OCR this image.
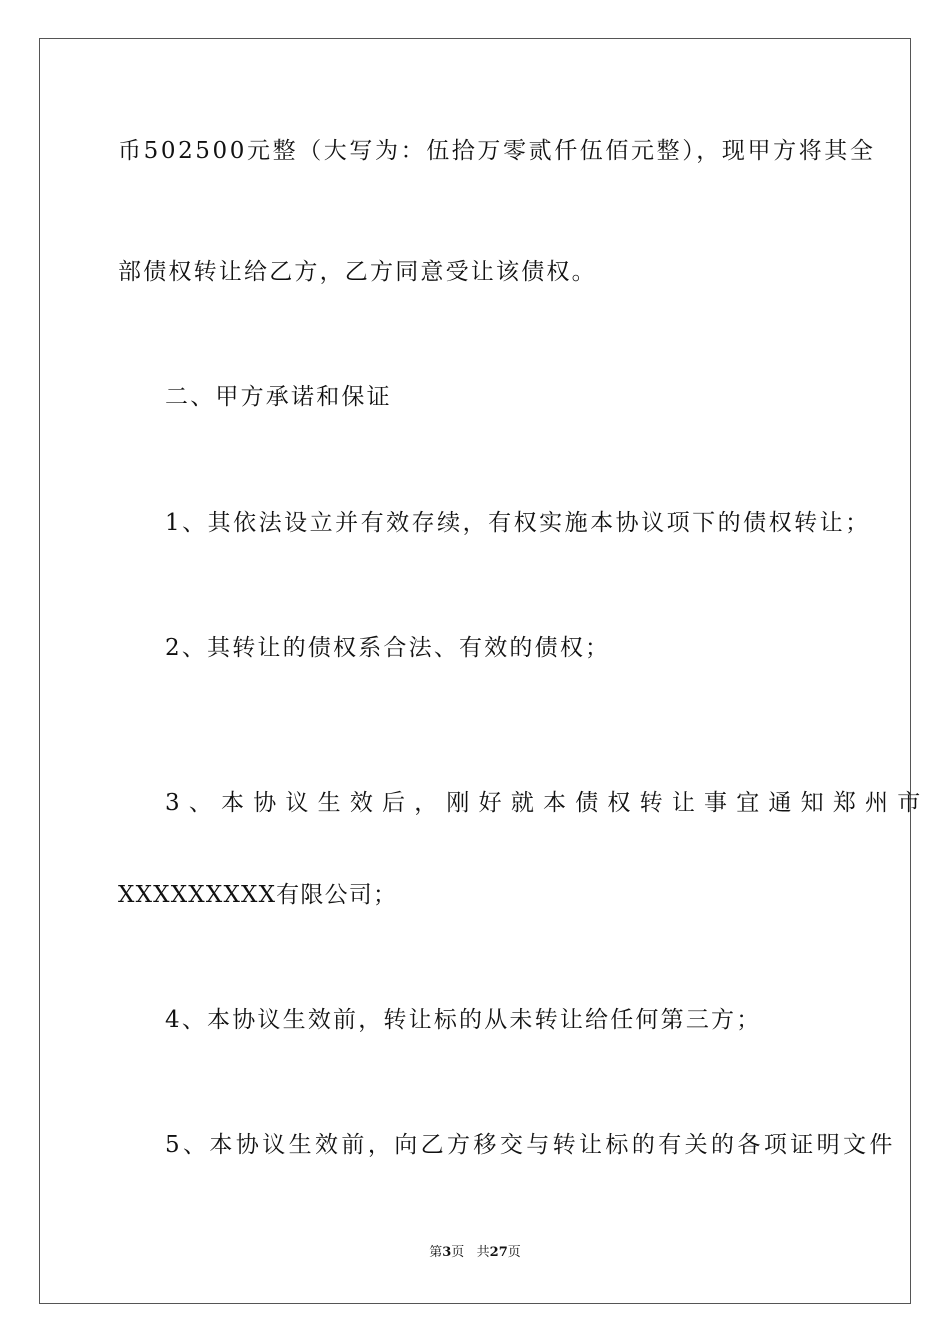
币502500元整（大写为：伍拾万零贰仟伍佰元整），现甲方将其全
部债权转让给乙方，乙方同意受让该债权。
二、甲方承诺和保证
1、其依法设立并有效存续，有权实施本协议项下的债权转让；
2、其转让的债权系合法、有效的债权；
3、本协议生效后，刚好就本债权转让事宜通知郑州市
XXXXXXXXX有限公司；
4、本协议生效前，转让标的从未转让给任何第三方；
5、本协议生效前，向乙方移交与转让标的有关的各项证明文件
第3页   共27页
